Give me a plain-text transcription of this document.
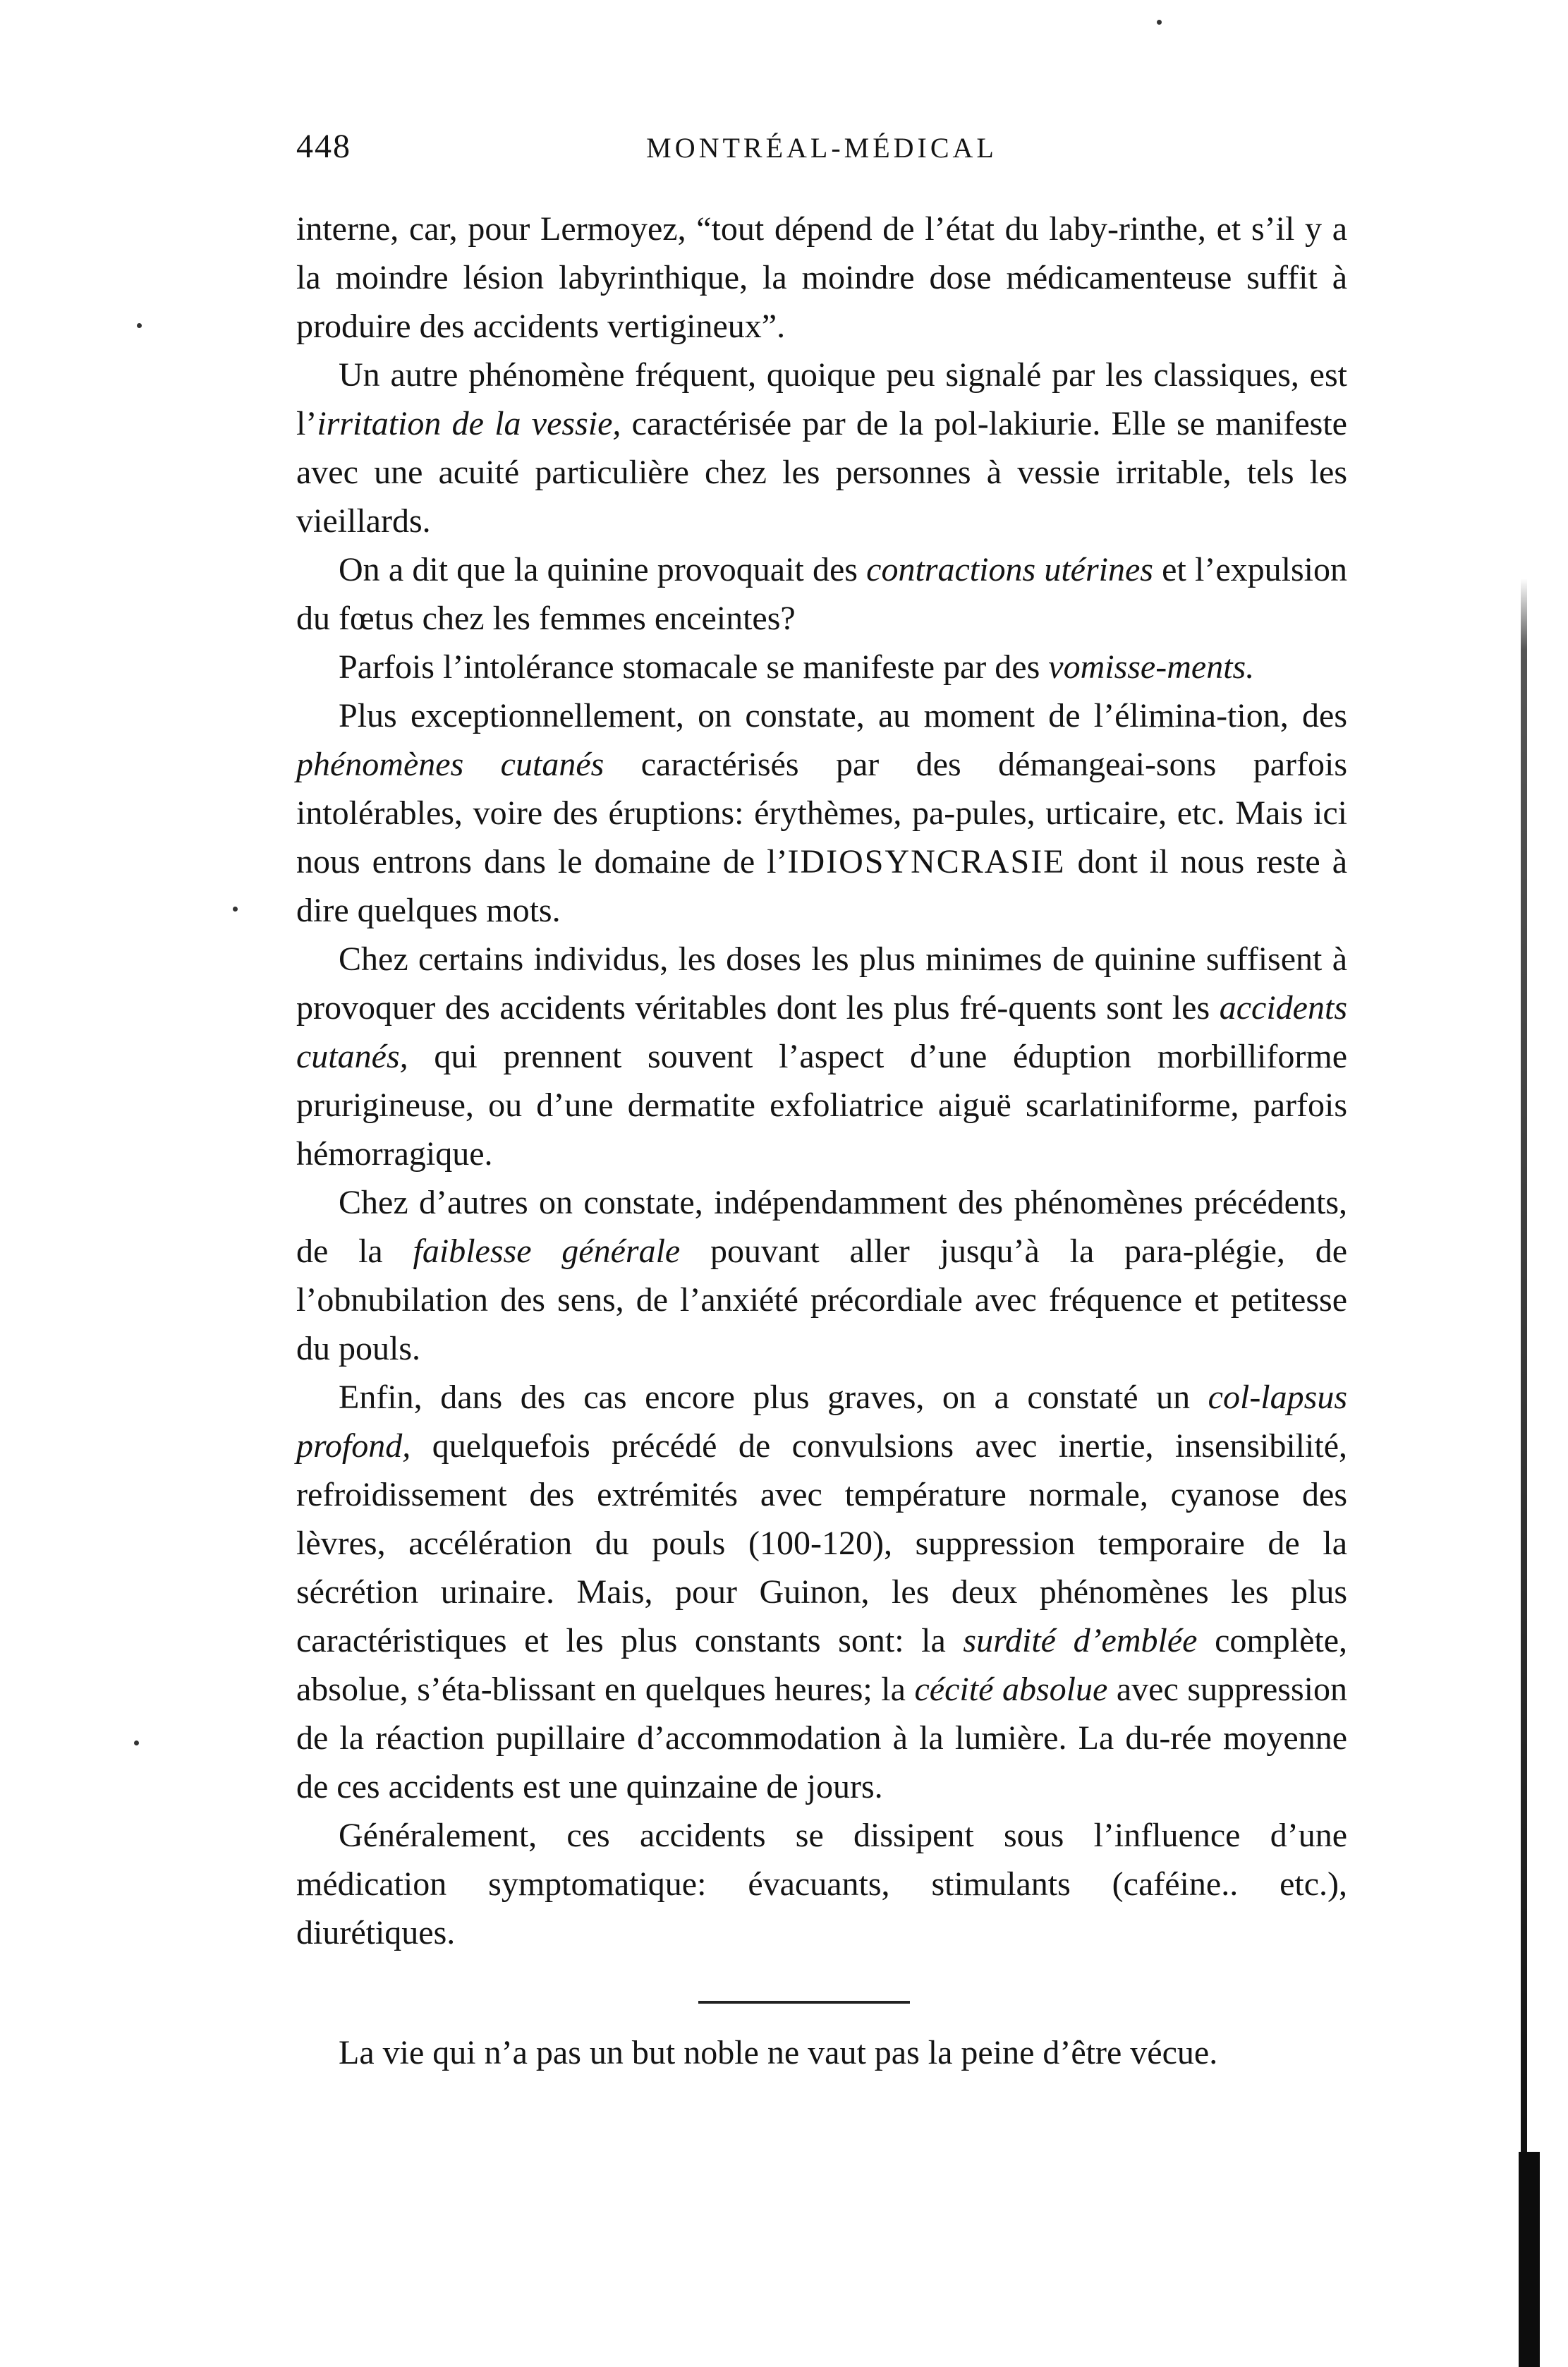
448	MONTRÉAL-MÉDICAL

interne, car, pour Lermoyez, “tout dépend de l’état du laby-rinthe, et s’il y a la moindre lésion labyrinthique, la moindre dose médicamenteuse suffit à produire des accidents vertigineux”.

Un autre phénomène fréquent, quoique peu signalé par les classiques, est l’irritation de la vessie, caractérisée par de la pol-lakiurie. Elle se manifeste avec une acuité particulière chez les personnes à vessie irritable, tels les vieillards.

On a dit que la quinine provoquait des contractions utérines et l’expulsion du fœtus chez les femmes enceintes?

Parfois l’intolérance stomacale se manifeste par des vomisse-ments.

Plus exceptionnellement, on constate, au moment de l’élimina-tion, des phénomènes cutanés caractérisés par des démangeai-sons parfois intolérables, voire des éruptions: érythèmes, pa-pules, urticaire, etc. Mais ici nous entrons dans le domaine de l’IDIOSYNCRASIE dont il nous reste à dire quelques mots.

Chez certains individus, les doses les plus minimes de quinine suffisent à provoquer des accidents véritables dont les plus fré-quents sont les accidents cutanés, qui prennent souvent l’aspect d’une éduption morbilliforme prurigineuse, ou d’une dermatite exfoliatrice aiguë scarlatiniforme, parfois hémorragique.

Chez d’autres on constate, indépendamment des phénomènes précédents, de la faiblesse générale pouvant aller jusqu’à la para-plégie, de l’obnubilation des sens, de l’anxiété précordiale avec fréquence et petitesse du pouls.

Enfin, dans des cas encore plus graves, on a constaté un col-lapsus profond, quelquefois précédé de convulsions avec inertie, insensibilité, refroidissement des extrémités avec température normale, cyanose des lèvres, accélération du pouls (100-120), suppression temporaire de la sécrétion urinaire. Mais, pour Guinon, les deux phénomènes les plus caractéristiques et les plus constants sont: la surdité d’emblée complète, absolue, s’éta-blissant en quelques heures; la cécité absolue avec suppression de la réaction pupillaire d’accommodation à la lumière. La du-rée moyenne de ces accidents est une quinzaine de jours.

Généralement, ces accidents se dissipent sous l’influence d’une médication symptomatique: évacuants, stimulants (caféine.. etc.), diurétiques.

La vie qui n’a pas un but noble ne vaut pas la peine d’être vécue.
